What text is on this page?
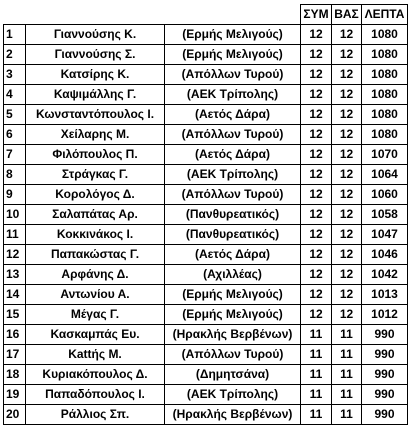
			ΣΥΜ	ΒΑΣ	ΛΕΠΤΑ
1	Γιαννούσης Κ.	(Ερμής Μελιγούς)	12	12	1080
2	Γιαννούσης Σ.	(Ερμής Μελιγούς)	12	12	1080
3	Κατσίρης Κ.	(Απόλλων Τυρού)	12	12	1080
4	Καψιμάλλης Γ.	(ΑΕΚ Τρίπολης)	12	12	1080
5	Κωνσταντόπουλος Ι.	(Αετός Δάρα)	12	12	1080
6	Χείλαρης Μ.	(Απόλλων Τυρού)	12	12	1080
7	Φιλόπουλος Π.	(Αετός Δάρα)	12	12	1070
8	Στράγκας Γ.	(ΑΕΚ Τρίπολης)	12	12	1064
9	Κορολόγος Δ.	(Απόλλων Τυρού)	12	12	1060
10	Σαλαπάτας Αρ.	(Πανθυρεατικός)	12	12	1058
11	Κοκκινάκος Ι.	(Πανθυρεατικός)	12	12	1047
12	Παπακώστας Γ.	(Αετός Δάρα)	12	12	1046
13	Αρφάνης Δ.	(Αχιλλέας)	12	12	1042
14	Αντωνίου Α.	(Ερμής Μελιγούς)	12	12	1013
15	Μέγας Γ.	(Ερμής Μελιγούς)	12	12	1012
16	Κασκαμπάς Ευ.	(Ηρακλής Βερβένων)	11	11	990
17	Κattής Μ.	(Απόλλων Τυρού)	11	11	990
18	Κυριακόπουλος Δ.	(Δημητσάνα)	11	11	990
19	Παπαδόπουλος Ι.	(ΑΕΚ Τρίπολης)	11	11	990
20	Ράλλιος Σπ.	(Ηρακλής Βερβένων)	11	11	990
